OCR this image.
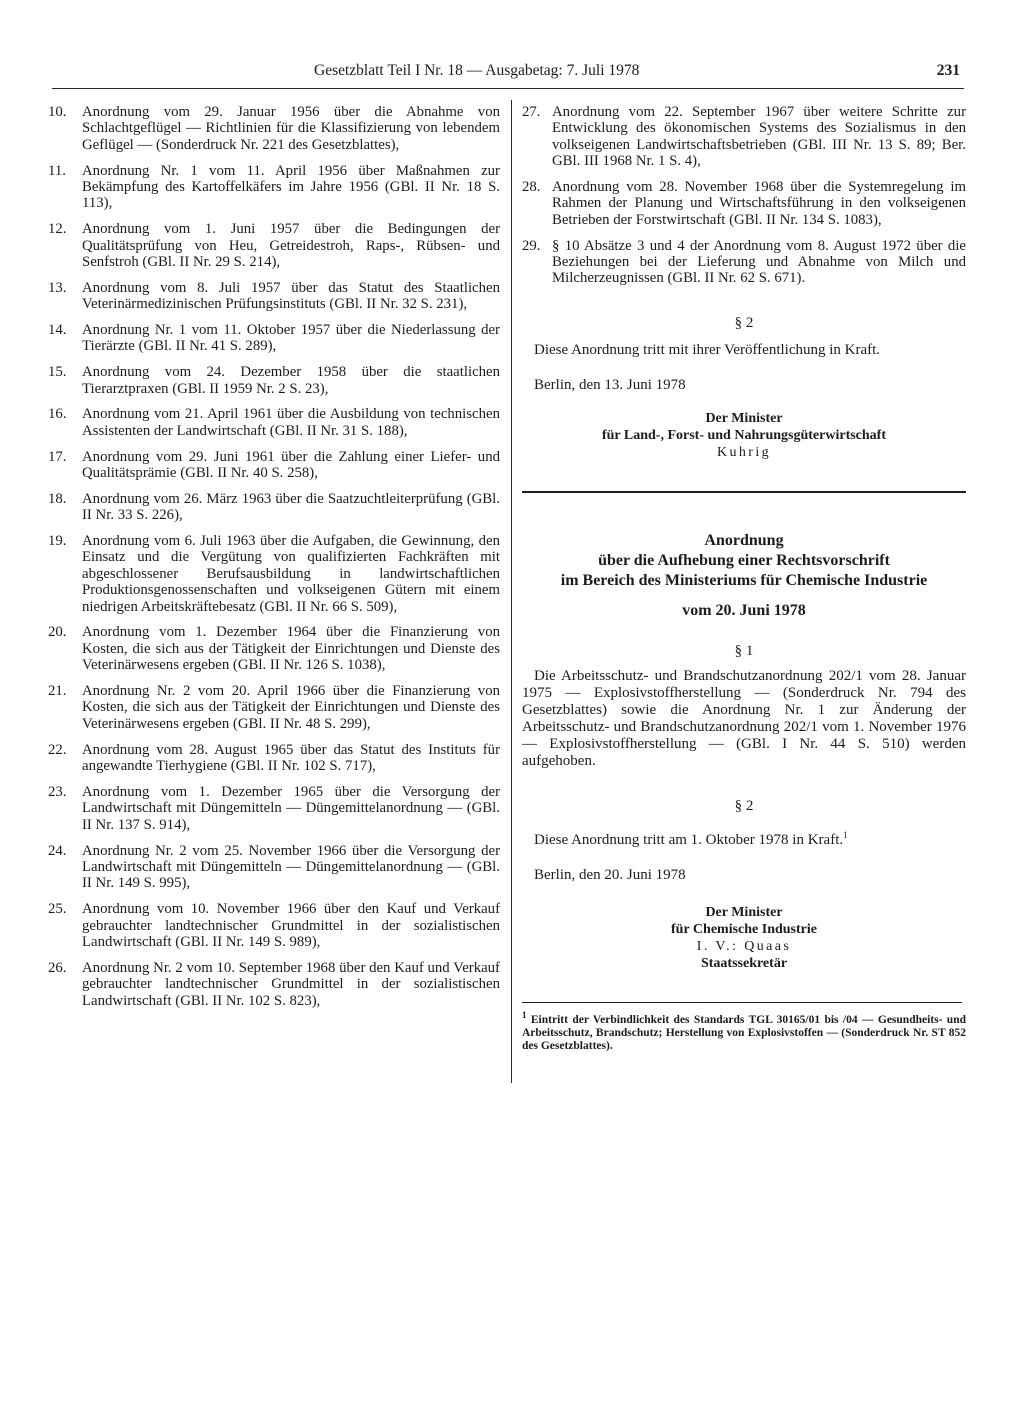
Gesetzblatt Teil I Nr. 18 — Ausgabetag: 7. Juli 1978	231
10. Anordnung vom 29. Januar 1956 über die Abnahme von Schlachtgeflügel — Richtlinien für die Klassifizierung von lebendem Geflügel — (Sonderdruck Nr. 221 des Gesetzblattes),
11. Anordnung Nr. 1 vom 11. April 1956 über Maßnahmen zur Bekämpfung des Kartoffelkäfers im Jahre 1956 (GBl. II Nr. 18 S. 113),
12. Anordnung vom 1. Juni 1957 über die Bedingungen der Qualitätsprüfung von Heu, Getreidestroh, Raps-, Rübsen- und Senfstroh (GBl. II Nr. 29 S. 214),
13. Anordnung vom 8. Juli 1957 über das Statut des Staatlichen Veterinärmedizinischen Prüfungsinstituts (GBl. II Nr. 32 S. 231),
14. Anordnung Nr. 1 vom 11. Oktober 1957 über die Niederlassung der Tierärzte (GBl. II Nr. 41 S. 289),
15. Anordnung vom 24. Dezember 1958 über die staatlichen Tierarztpraxen (GBl. II 1959 Nr. 2 S. 23),
16. Anordnung vom 21. April 1961 über die Ausbildung von technischen Assistenten der Landwirtschaft (GBl. II Nr. 31 S. 188),
17. Anordnung vom 29. Juni 1961 über die Zahlung einer Liefer- und Qualitätsprämie (GBl. II Nr. 40 S. 258),
18. Anordnung vom 26. März 1963 über die Saatzuchtleiterprüfung (GBl. II Nr. 33 S. 226),
19. Anordnung vom 6. Juli 1963 über die Aufgaben, die Gewinnung, den Einsatz und die Vergütung von qualifizierten Fachkräften mit abgeschlossener Berufsausbildung in landwirtschaftlichen Produktionsgenossenschaften und volkseigenen Gütern mit einem niedrigen Arbeitskräftebesatz (GBl. II Nr. 66 S. 509),
20. Anordnung vom 1. Dezember 1964 über die Finanzierung von Kosten, die sich aus der Tätigkeit der Einrichtungen und Dienste des Veterinärwesens ergeben (GBl. II Nr. 126 S. 1038),
21. Anordnung Nr. 2 vom 20. April 1966 über die Finanzierung von Kosten, die sich aus der Tätigkeit der Einrichtungen und Dienste des Veterinärwesens ergeben (GBl. II Nr. 48 S. 299),
22. Anordnung vom 28. August 1965 über das Statut des Instituts für angewandte Tierhygiene (GBl. II Nr. 102 S. 717),
23. Anordnung vom 1. Dezember 1965 über die Versorgung der Landwirtschaft mit Düngemitteln — Düngemittelanordnung — (GBl. II Nr. 137 S. 914),
24. Anordnung Nr. 2 vom 25. November 1966 über die Versorgung der Landwirtschaft mit Düngemitteln — Düngemittelanordnung — (GBl. II Nr. 149 S. 995),
25. Anordnung vom 10. November 1966 über den Kauf und Verkauf gebrauchter landtechnischer Grundmittel in der sozialistischen Landwirtschaft (GBl. II Nr. 149 S. 989),
26. Anordnung Nr. 2 vom 10. September 1968 über den Kauf und Verkauf gebrauchter landtechnischer Grundmittel in der sozialistischen Landwirtschaft (GBl. II Nr. 102 S. 823),
27. Anordnung vom 22. September 1967 über weitere Schritte zur Entwicklung des ökonomischen Systems des Sozialismus in den volkseigenen Landwirtschaftsbetrieben (GBl. III Nr. 13 S. 89; Ber. GBl. III 1968 Nr. 1 S. 4),
28. Anordnung vom 28. November 1968 über die Systemregelung im Rahmen der Planung und Wirtschaftsführung in den volkseigenen Betrieben der Forstwirtschaft (GBl. II Nr. 134 S. 1083),
29. § 10 Absätze 3 und 4 der Anordnung vom 8. August 1972 über die Beziehungen bei der Lieferung und Abnahme von Milch und Milcherzeugnissen (GBl. II Nr. 62 S. 671).
§ 2
Diese Anordnung tritt mit ihrer Veröffentlichung in Kraft.
Berlin, den 13. Juni 1978
Der Minister
für Land-, Forst- und Nahrungsgüterwirtschaft
Kuhrig
Anordnung
über die Aufhebung einer Rechtsvorschrift
im Bereich des Ministeriums für Chemische Industrie
vom 20. Juni 1978
§ 1
Die Arbeitsschutz- und Brandschutzanordnung 202/1 vom 28. Januar 1975 — Explosivstoffherstellung — (Sonderdruck Nr. 794 des Gesetzblattes) sowie die Anordnung Nr. 1 zur Änderung der Arbeitsschutz- und Brandschutzanordnung 202/1 vom 1. November 1976 — Explosivstoffherstellung — (GBl. I Nr. 44 S. 510) werden aufgehoben.
§ 2
Diese Anordnung tritt am 1. Oktober 1978 in Kraft.$^1$
Berlin, den 20. Juni 1978
Der Minister
für Chemische Industrie
I. V.: Quaas
Staatssekretär
$^1$ Eintritt der Verbindlichkeit des Standards TGL 30165/01 bis /04 — Gesundheits- und Arbeitsschutz, Brandschutz; Herstellung von Explosivstoffen — (Sonderdruck Nr. ST 852 des Gesetzblattes).
